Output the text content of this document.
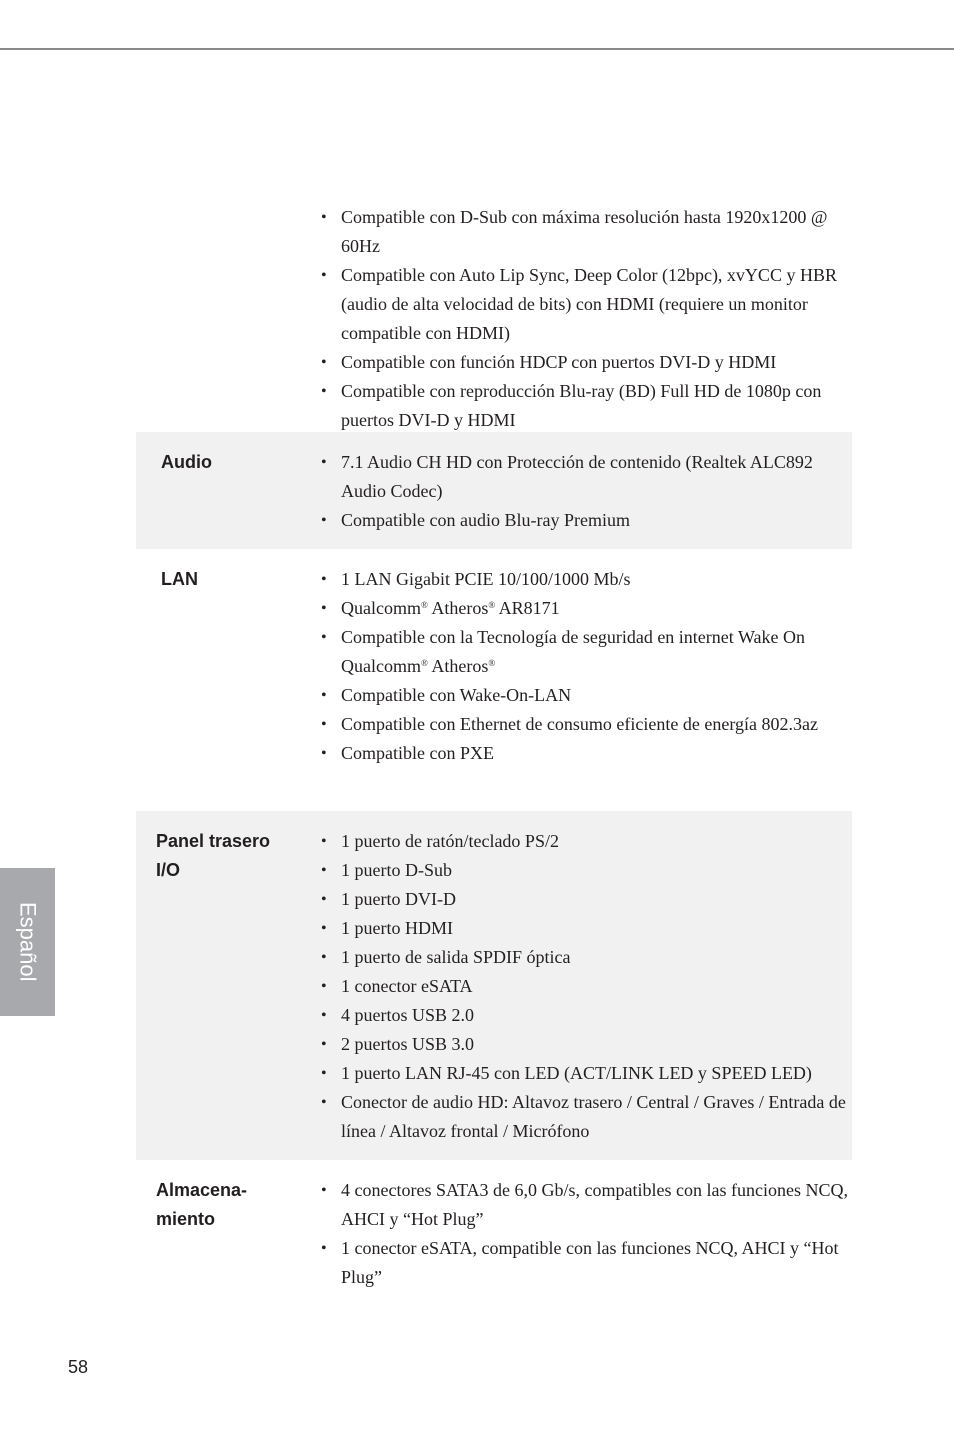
Español
• Compatible con D-Sub con máxima resolución hasta 1920x1200 @ 60Hz
• Compatible con Auto Lip Sync, Deep Color (12bpc), xvYCC y HBR (audio de alta velocidad de bits) con HDMI (requiere un monitor compatible con HDMI)
• Compatible con función HDCP con puertos DVI-D y HDMI
• Compatible con reproducción Blu-ray (BD) Full HD de 1080p con puertos DVI-D y HDMI
Audio	• 7.1 Audio CH HD con Protección de contenido (Realtek ALC892 Audio Codec)
• Compatible con audio Blu-ray Premium
LAN	• 1 LAN Gigabit PCIE 10/100/1000 Mb/s
• Qualcomm® Atheros® AR8171
• Compatible con la Tecnología de seguridad en internet Wake On Qualcomm® Atheros®
• Compatible con Wake-On-LAN
• Compatible con Ethernet de consumo eficiente de energía 802.3az
• Compatible con PXE
Panel trasero
I/O
• 1 puerto de ratón/teclado PS/2
• 1 puerto D-Sub
• 1 puerto DVI-D
• 1 puerto HDMI
• 1 puerto de salida SPDIF óptica
• 1 conector eSATA
• 4 puertos USB 2.0
• 2 puertos USB 3.0
• 1 puerto LAN RJ-45 con LED (ACT/LINK LED y SPEED LED)
• Conector de audio HD: Altavoz trasero / Central / Graves / Entrada de línea / Altavoz frontal / Micrófono
Almacena-
miento
• 4 conectores SATA3 de 6,0 Gb/s, compatibles con las funciones NCQ, AHCI y “Hot Plug”
• 1 conector eSATA, compatible con las funciones NCQ, AHCI y “Hot Plug”
58
